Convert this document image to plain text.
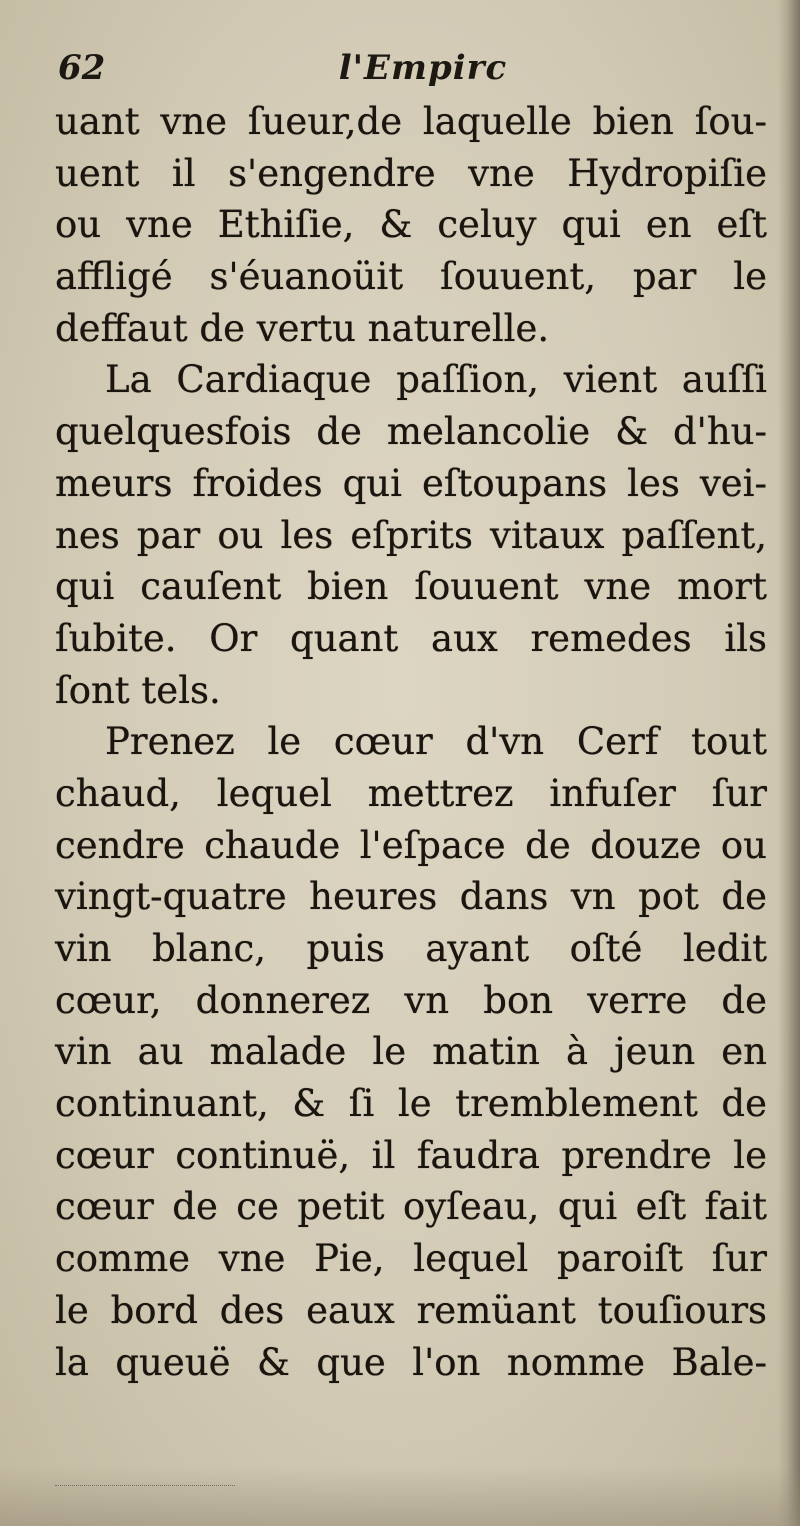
62	l'Empirc
uant vne ſueur,de laquelle bien ſou-
uent il s'engendre vne Hydropiſie
ou vne Ethiſie, & celuy qui en eſt
affligé s'éuanoüit ſouuent, par le
deffaut de vertu naturelle.
La Cardiaque paſſion, vient auſſi
quelquesfois de melancolie & d'hu-
meurs froides qui eſtoupans les vei-
nes par ou les eſprits vitaux paſſent,
qui cauſent bien ſouuent vne mort
ſubite. Or quant aux remedes ils
ſont tels.
Prenez le cœur d'vn Cerf tout
chaud, lequel mettrez infuſer ſur
cendre chaude l'eſpace de douze ou
vingt-quatre heures dans vn pot de
vin blanc, puis ayant oſté ledit
cœur, donnerez vn bon verre de
vin au malade le matin à jeun en
continuant, & ſi le tremblement de
cœur continuë, il faudra prendre le
cœur de ce petit oyſeau, qui eſt fait
comme vne Pie, lequel paroiſt ſur
le bord des eaux remüant touſiours
la queuë & que l'on nomme Bale-
